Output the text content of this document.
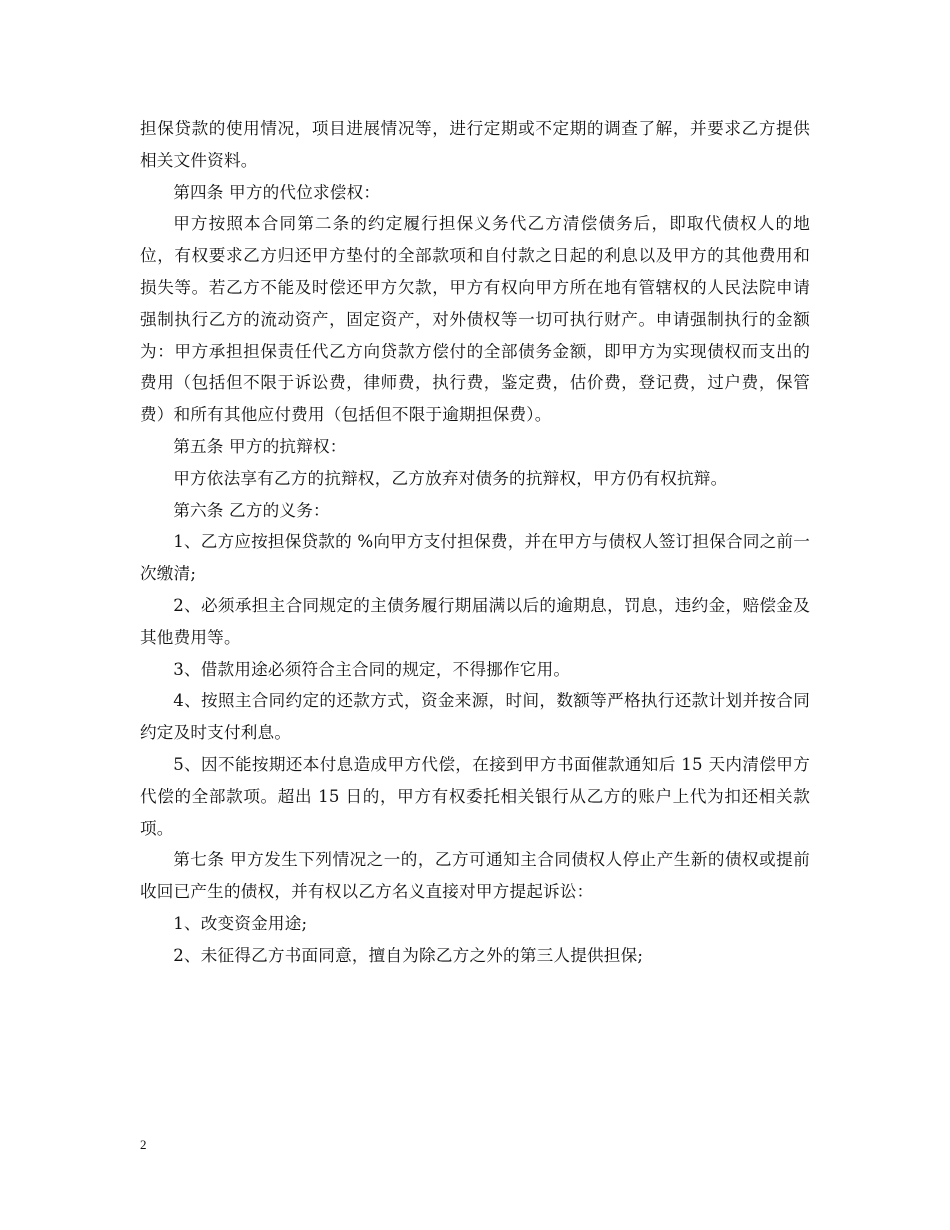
担保贷款的使用情况，项目进展情况等，进行定期或不定期的调查了解，并要求乙方提供相关文件资料。

第四条 甲方的代位求偿权：

甲方按照本合同第二条的约定履行担保义务代乙方清偿债务后，即取代债权人的地位，有权要求乙方归还甲方垫付的全部款项和自付款之日起的利息以及甲方的其他费用和损失等。若乙方不能及时偿还甲方欠款，甲方有权向甲方所在地有管辖权的人民法院申请强制执行乙方的流动资产，固定资产，对外债权等一切可执行财产。申请强制执行的金额为：甲方承担担保责任代乙方向贷款方偿付的全部债务金额，即甲方为实现债权而支出的费用（包括但不限于诉讼费，律师费，执行费，鉴定费，估价费，登记费，过户费，保管费）和所有其他应付费用（包括但不限于逾期担保费）。

第五条 甲方的抗辩权：

甲方依法享有乙方的抗辩权，乙方放弃对债务的抗辩权，甲方仍有权抗辩。

第六条 乙方的义务：

1、乙方应按担保贷款的 %向甲方支付担保费，并在甲方与债权人签订担保合同之前一次缴清;

2、必须承担主合同规定的主债务履行期届满以后的逾期息，罚息，违约金，赔偿金及其他费用等。

3、借款用途必须符合主合同的规定，不得挪作它用。

4、按照主合同约定的还款方式，资金来源，时间，数额等严格执行还款计划并按合同约定及时支付利息。

5、因不能按期还本付息造成甲方代偿，在接到甲方书面催款通知后 15 天内清偿甲方代偿的全部款项。超出 15 日的，甲方有权委托相关银行从乙方的账户上代为扣还相关款项。

第七条 甲方发生下列情况之一的，乙方可通知主合同债权人停止产生新的债权或提前收回已产生的债权，并有权以乙方名义直接对甲方提起诉讼：

1、改变资金用途;

2、未征得乙方书面同意，擅自为除乙方之外的第三人提供担保;

2
